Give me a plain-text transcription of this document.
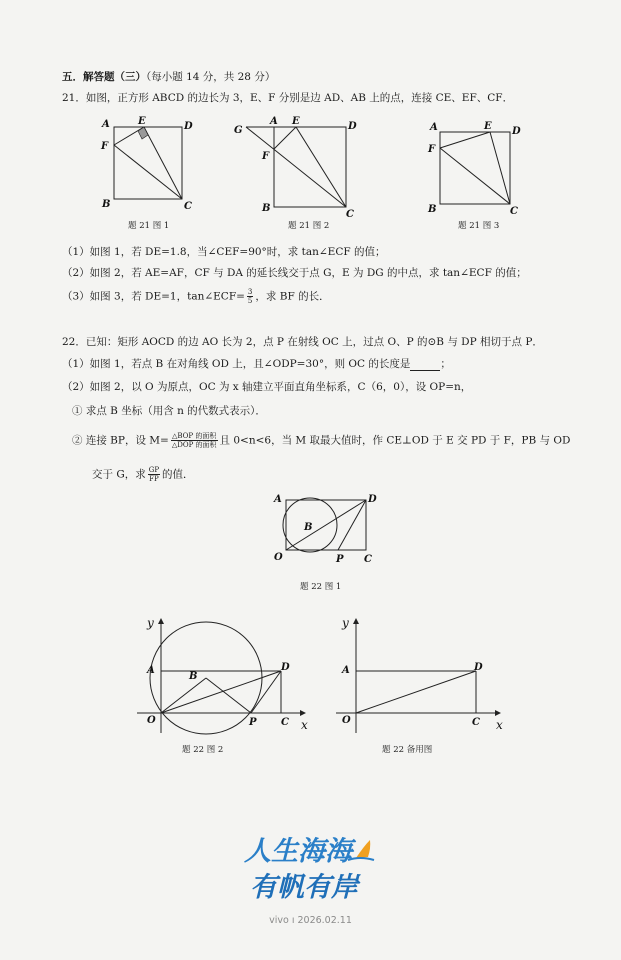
五．解答题（三）（每小题 14 分，共 28 分）
21．如图，正方形 ABCD 的边长为 3，E、F 分别是边 AD、AB 上的点，连接 CE、EF、CF．
A	E	D
F
B	C
题 21 图 1
G
A E	D
F
B
C
题 21 图 2
A	E D
F
B	C
题 21 图 3
（1）如图 1，若 DE=1.8，当∠CEF=90°时，求 tan∠ECF 的值；
（2）如图 2，若 AE=AF，CF 与 DA 的延长线交于点 G，E 为 DG 的中点，求 tan∠ECF 的值；
（3）如图 3，若 DE=1，tan∠ECF= $\frac{3}{5}$ ，求 BF 的长．
22．已知：矩形 AOCD 的边 AO 长为 2，点 P 在射线 OC 上，过点 O、P 的⊙B 与 DP 相切于点 P．
（1）如图 1，若点 B 在对角线 OD 上，且∠ODP=30°，则 OC 的长度是	；
（2）如图 2，以 O 为原点，OC 为 x 轴建立平面直角坐标系，C（6，0），设 OP=n，
① 求点 B 坐标（用含 n 的代数式表示）．
② 连接 BP，设 $M= \frac{\text{△BOP 的面积}}{\text{△DOP 的面积}}$ 且 0<n<6，当 M 取最大值时，作 CE⊥OD 于 E 交 PD 于 F，PB 与 OD
交于 G，求 $\frac{GP}{FP}$ 的值．
A	D
B
O	P C
题 22 图 1
y
x
A	D
B
O	P C
题 22 图 2
y
x
A	D
O	C
题 22 备用图
人生海海
有帆有岸
vivo ı 2026.02.11
